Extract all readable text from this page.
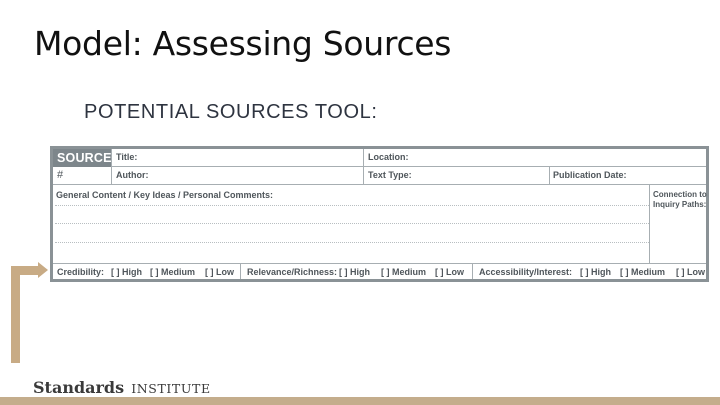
Model: Assessing Sources
POTENTIAL SOURCES TOOL:
SOURCE Title:	Location:
#	Author:	Text Type:	Publication Date:
General Content / Key Ideas / Personal Comments:	Connection to
Inquiry Paths:
Credibility: [ ] High [ ] Medium [ ] Low Relevance/Richness: [ ] High [ ] Medium [ ] Low Accessibility/Interest: [ ] High [ ] Medium [ ] Low
Standards INSTITUTE
